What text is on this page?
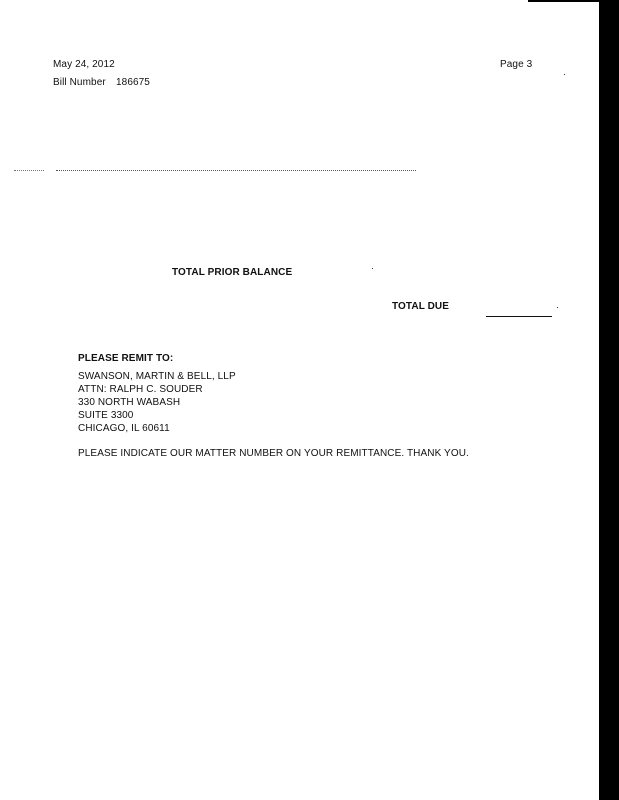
May 24, 2012
Bill Number 186675
Page 3
TOTAL PRIOR BALANCE
TOTAL DUE
PLEASE REMIT TO:
SWANSON, MARTIN & BELL, LLP
ATTN: RALPH C. SOUDER
330 NORTH WABASH
SUITE 3300
CHICAGO, IL 60611
PLEASE INDICATE OUR MATTER NUMBER ON YOUR REMITTANCE. THANK YOU.
